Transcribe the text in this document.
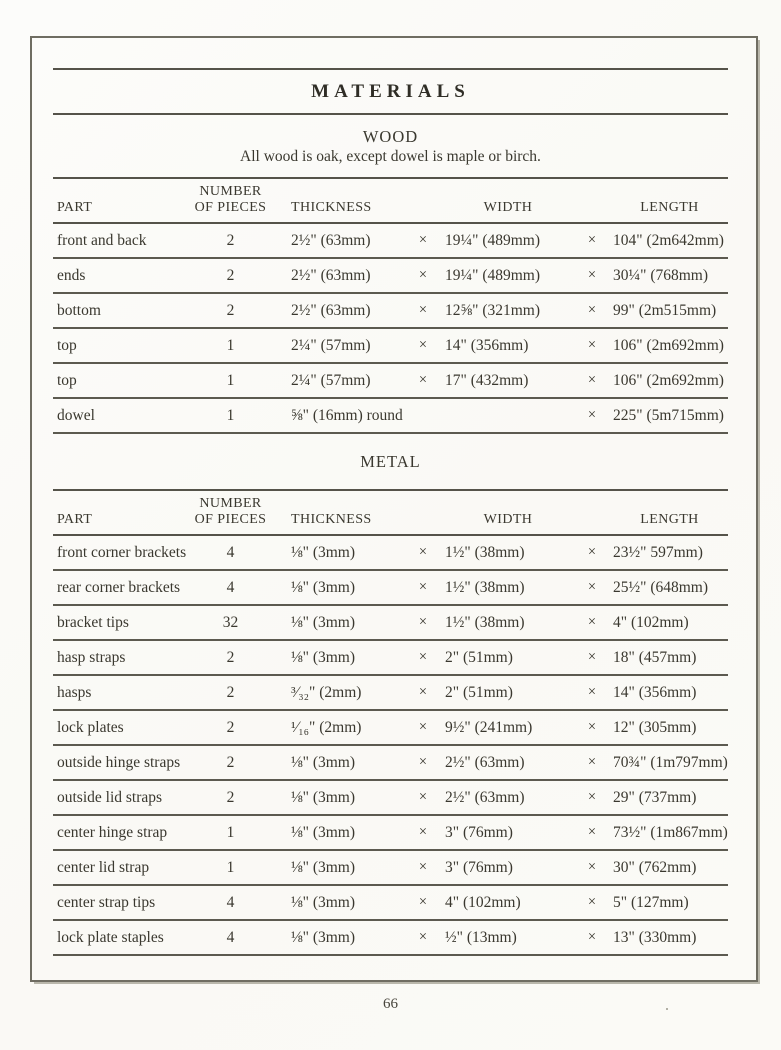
MATERIALS
WOOD
All wood is oak, except dowel is maple or birch.
PART	NUMBER
OF PIECES	THICKNESS		WIDTH		LENGTH
front and back	2	2½" (63mm)	×	19¼" (489mm)	×	104" (2m642mm)
ends	2	2½" (63mm)	×	19¼" (489mm)	×	30¼" (768mm)
bottom	2	2½" (63mm)	×	12⅝" (321mm)	×	99" (2m515mm)
top	1	2¼" (57mm)	×	14" (356mm)	×	106" (2m692mm)
top	1	2¼" (57mm)	×	17" (432mm)	×	106" (2m692mm)
dowel	1	⅝" (16mm) round			×	225" (5m715mm)
METAL
PART	NUMBER
OF PIECES	THICKNESS		WIDTH		LENGTH
front corner brackets	4	⅛" (3mm)	×	1½" (38mm)	×	23½" 597mm)
rear corner brackets	4	⅛" (3mm)	×	1½" (38mm)	×	25½" (648mm)
bracket tips	32	⅛" (3mm)	×	1½" (38mm)	×	4" (102mm)
hasp straps	2	⅛" (3mm)	×	2" (51mm)	×	18" (457mm)
hasps	2	³⁄₃₂" (2mm)	×	2" (51mm)	×	14" (356mm)
lock plates	2	¹⁄₁₆" (2mm)	×	9½" (241mm)	×	12" (305mm)
outside hinge straps	2	⅛" (3mm)	×	2½" (63mm)	×	70¾" (1m797mm)
outside lid straps	2	⅛" (3mm)	×	2½" (63mm)	×	29" (737mm)
center hinge strap	1	⅛" (3mm)	×	3" (76mm)	×	73½" (1m867mm)
center lid strap	1	⅛" (3mm)	×	3" (76mm)	×	30" (762mm)
center strap tips	4	⅛" (3mm)	×	4" (102mm)	×	5" (127mm)
lock plate staples	4	⅛" (3mm)	×	½" (13mm)	×	13" (330mm)
66
